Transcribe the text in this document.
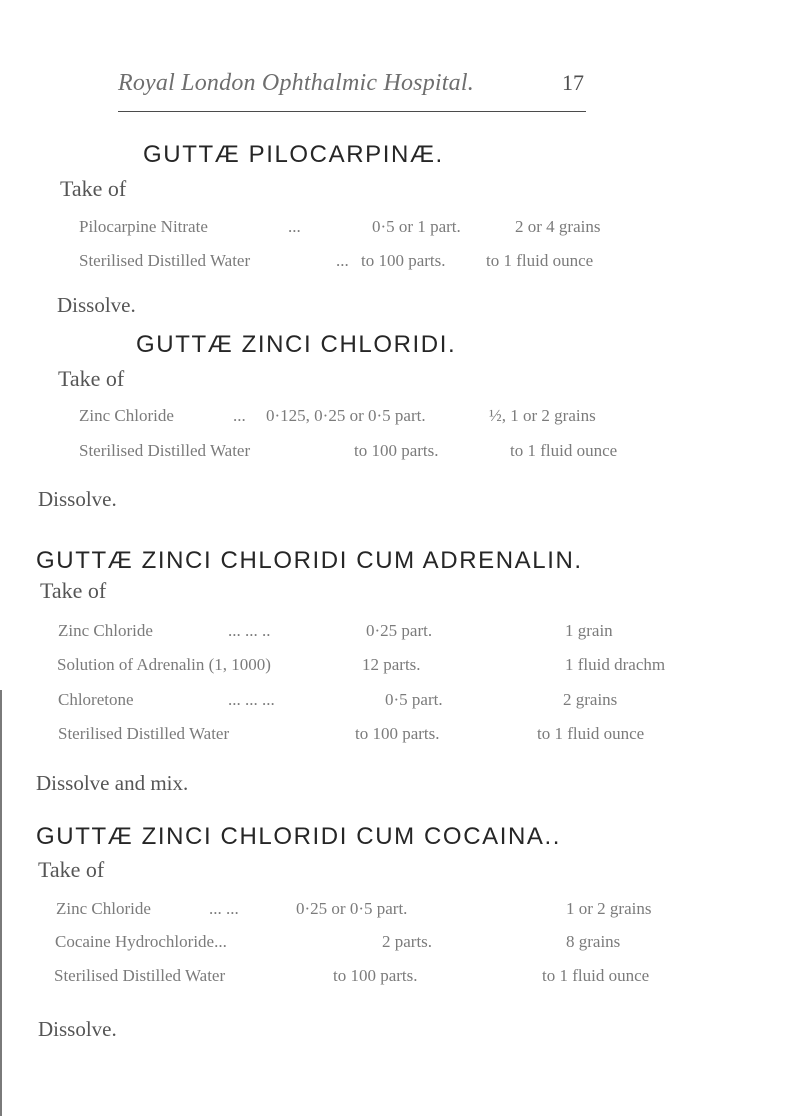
Royal London Ophthalmic Hospital.	17
GUTTÆ PILOCARPINÆ.
Take of
Pilocarpine Nitrate	...	0·5 or 1 part.	2 or 4 grains
Sterilised Distilled Water	... to 100 parts. to 1 fluid ounce
Dissolve.
GUTTÆ ZINCI CHLORIDI.
Take of
Zinc Chloride	... 0·125, 0·25 or 0·5 part.	½, 1 or 2 grains
Sterilised Distilled Water	to 100 parts.	to 1 fluid ounce
Dissolve.
GUTTÆ ZINCI CHLORIDI CUM ADRENALIN.
Take of
Zinc Chloride	... ... ..	0·25 part.	1 grain
Solution of Adrenalin (1, 1000)	12 parts.	1 fluid drachm
Chloretone	... ... ...	0·5 part.	2 grains
Sterilised Distilled Water	to 100 parts.	to 1 fluid ounce
Dissolve and mix.
GUTTÆ ZINCI CHLORIDI CUM COCAINA..
Take of
Zinc Chloride	... ...	0·25 or 0·5 part.	1 or 2 grains
Cocaine Hydrochloride...	2 parts.	8 grains
Sterilised Distilled Water	to 100 parts.	to 1 fluid ounce
Dissolve.
